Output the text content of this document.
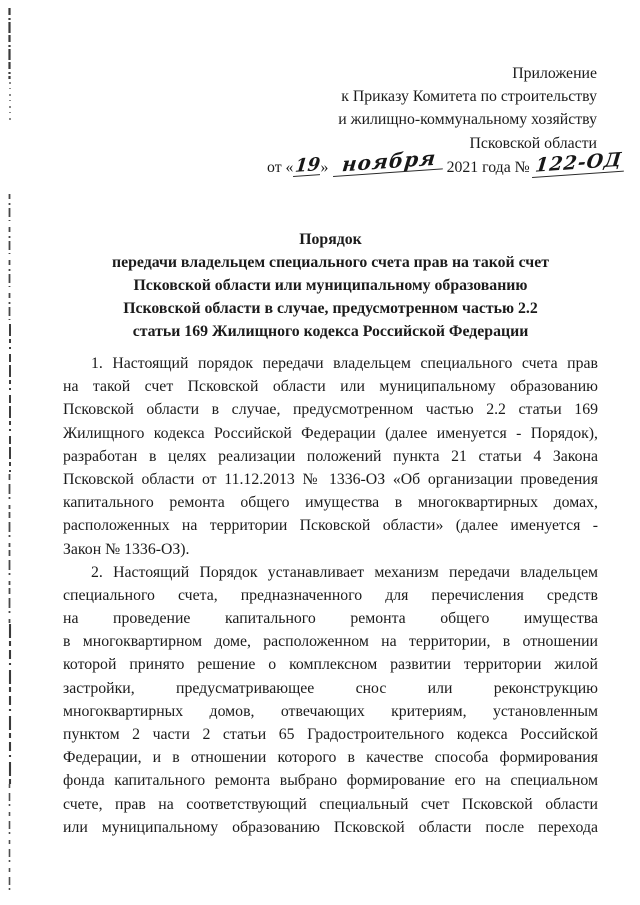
Приложение
к Приказу Комитета по строительству
и жилищно-коммунальному хозяйству
Псковской области
от «19» ноября 2021 года № 122-ОД
Порядок
передачи владельцем специального счета прав на такой счет
Псковской области или муниципальному образованию
Псковской области в случае, предусмотренном частью 2.2
статьи 169 Жилищного кодекса Российской Федерации
1. Настоящий порядок передачи владельцем специального счета прав
на такой счет Псковской области или муниципальному образованию
Псковской области в случае, предусмотренном частью 2.2 статьи 169
Жилищного кодекса Российской Федерации (далее именуется - Порядок),
разработан в целях реализации положений пункта 21 статьи 4 Закона
Псковской области от 11.12.2013 № 1336-ОЗ «Об организации проведения
капитального ремонта общего имущества в многоквартирных домах,
расположенных на территории Псковской области» (далее именуется -
Закон № 1336-ОЗ).
2. Настоящий Порядок устанавливает механизм передачи владельцем
специального счета, предназначенного для перечисления средств
на проведение капитального ремонта общего имущества
в многоквартирном доме, расположенном на территории, в отношении
которой принято решение о комплексном развитии территории жилой
застройки, предусматривающее снос или реконструкцию
многоквартирных домов, отвечающих критериям, установленным
пунктом 2 части 2 статьи 65 Градостроительного кодекса Российской
Федерации, и в отношении которого в качестве способа формирования
фонда капитального ремонта выбрано формирование его на специальном
счете, прав на соответствующий специальный счет Псковской области
или муниципальному образованию Псковской области после перехода
